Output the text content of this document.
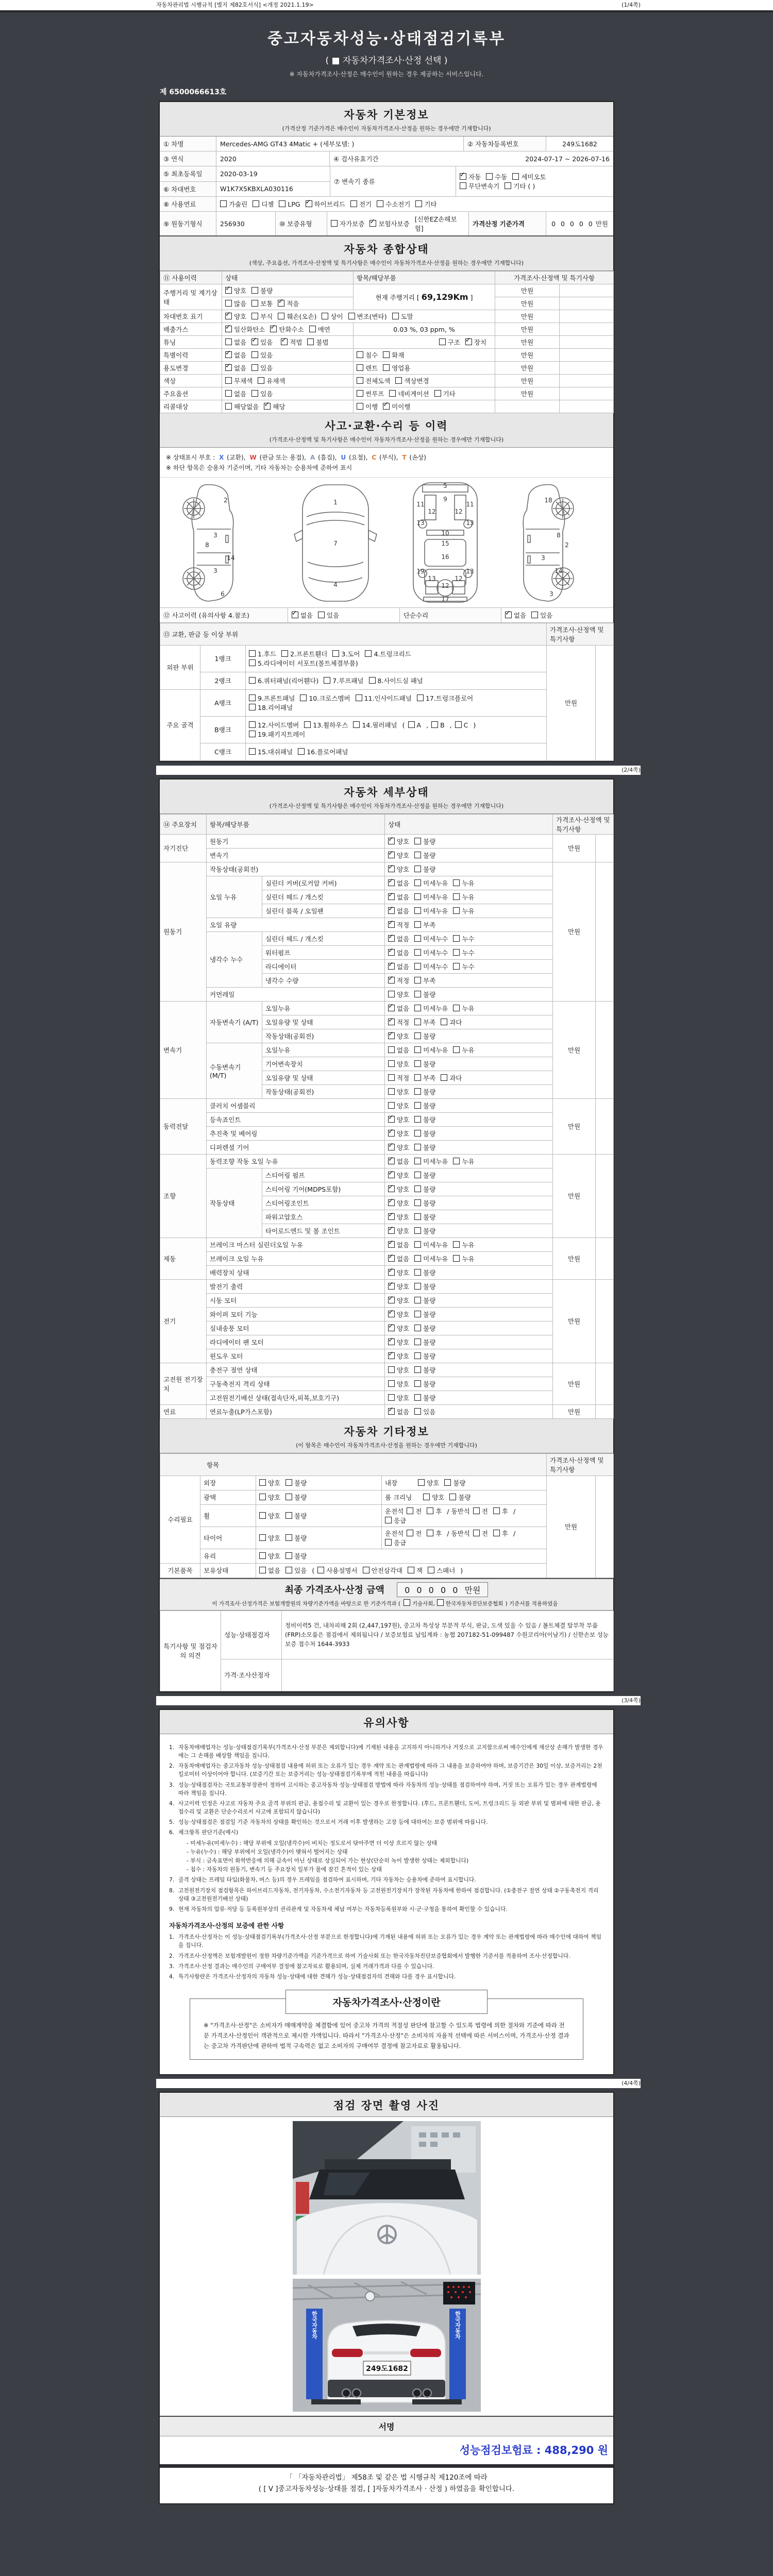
자동차관리법 시행규칙 [별지 제82호서식] <개정 2021.1.19>	(1/4쪽)
중고자동차성능·상태점검기록부
( ■ 자동차가격조사·산정 선택 )
※ 자동차가격조사·산정은 매수인이 원하는 경우 제공하는 서비스입니다.
제 6500066613호
자동차 기본정보
(가격산정 기준가격은 매수인이 자동차가격조사·산정을 원하는 경우에만 기재합니다)
① 차명	Mercedes-AMG GT43 4Matic + (세부모델: )	② 자동차등록번호	249도1682
③ 연식	2020	④ 검사유효기간	2024-07-17 ~ 2026-07-16
⑤ 최초등록일	2020-03-19
⑥ 차대번호	W1K7X5KBXLA030116
⑦ 변속기 종류
✓자동 수동 세미오토
무단변속기 기타 ( )
⑧ 사용연료	가솔린	디젤	LPG ✓	하이브리드	전기	수소전기	기타
⑨ 원동기형식	256930	⑩ 보증유형	자가보증 ✓	보험사보증
[신한EZ손해보험]
가격산정 기준가격	0 0 0 0 0 만원
자동차 종합상태
(색상, 주요옵션, 가격조사·산정액 및 특기사항은 매수인이 자동차가격조사·산정을 원하는 경우에만 기재합니다)
⑪ 사용이력	상태	항목/해당부품	가격조사·산정액 및 특기사항	
주행거리 및 계기상태	✓양호 불량	현재 주행거리 [ 69,129Km ]	만원	
	많음 보통 ✓ 적음		만원	
차대번호 표기	✓양호 부식 훼손(오손) 상이 변조(변타) 도말		만원	
배출가스	✓일산화탄소 ✓ 탄화수소 매연	0.03 %, 03 ppm, %	만원	
튜닝	없음 ✓ 있음 ✓ 적법 불법	구조 ✓ 장치	만원	
특별이력	✓없음 있음	침수 화재	만원	
용도변경	✓없음 있음	렌트 영업용	만원	
색상	무채색 유채색	전체도색 색상변경	만원	
주요옵션	없음 있음	썬루프 네비게이션 기타	만원	
리콜대상	해당없음 ✓ 해당	이행 ✓ 미이행		
사고·교환·수리 등 이력
(가격조사·산정액 및 특기사항은 매수인이 자동차가격조사·산정을 원하는 경우에만 기재합니다)
※ 상태표시 부호 : X (교환), W (판금 또는 용접), A (흠집), U (요철), C (부식), T (손상)
※ 하단 항목은 승용차 기준이며, 기타 자동차는 승용차에 준하여 표시
2
8
3
14
3
6
1
7
4
5
9
11	11
13	13
12	12
10
15
16
19	13
13	12
12
17
18
2
8
3
14
3
⑫ 사고이력 (유의사항 4.참조) ✓	없음	있음	단순수리 ✓	없음	있음
⑬ 교환, 판금 등 이상 부위			가격조사·산정액 및 특기사항	
외판 부위	1랭크	1.후드 2.프론트휀더 3.도어 4.트렁크리드
5.라디에이터 서포트(볼트체결부품)	만원	
	2랭크	6.쿼터패널(리어휀다) 7.루프패널 8.사이드실 패널		
주요 골격	A랭크	9.프론트패널 10.크로스멤버 11.인사이드패널 17.트렁크플로어
18.리어패널		
	B랭크	12.사이드멤버 13.휠하우스 14.필러패널 ( A , B , C )
19.패키지트레이		
	C랭크	15.대쉬패널 16.플로어패널		
(2/4쪽)
자동차 세부상태
(가격조사·산정액 및 특기사항은 매수인이 자동차가격조사·산정을 원하는 경우에만 기재합니다)
⑭ 주요장치	항목/해당부품		상태	가격조사·산정액 및 특기사항	
자기진단	원동기	✓양호 불량	만원	
	변속기	✓양호 불량
원동기	작동상태(공회전)	✓양호 불량	만원	
	오일 누유	실린더 커버(로커암 커버)	✓없음 미세누유 누유
		실린더 헤드 / 개스킷	✓없음 미세누유 누유
		실린더 블록 / 오일팬	✓없음 미세누유 누유
	오일 유량	✓적정 부족
	냉각수 누수	실린더 헤드 / 개스킷	✓없음 미세누수 누수
		워터펌프	✓없음 미세누수 누수
		라디에이터	✓없음 미세누수 누수
		냉각수 수량	✓적정 부족
	커먼레일		양호 불량		
변속기	자동변속기 (A/T)	오일누유	✓없음 미세누유 누유	만원	
		오일유량 및 상태	✓적정 부족 과다
		작동상태(공회전)	✓양호 불량
	수동변속기 (M/T)	오일누유	없음 미세누유 누유		
		기어변속장치	양호 불량		
		오일유량 및 상태	적정 부족 과다		
		작동상태(공회전)	양호 불량		
동력전달	클러치 어셈블리		양호 불량	만원	
	등속죠인트	✓양호 불량
	추진축 및 베어링	✓양호 불량
	디퍼렌셜 기어	✓양호 불량
조향	동력조향 작동 오일 누유	✓없음 미세누유 누유	만원	
	작동상태	스티어링 펌프	✓양호 불량
		스티어링 기어(MDPS포함)	✓양호 불량
		스티어링조인트	✓양호 불량
		파워고압호스	✓양호 불량
		타이로드엔드 및 볼 조인트	✓양호 불량
제동	브레이크 마스터 실린더오일 누유	✓없음 미세누유 누유	만원	
	브레이크 오일 누유	✓없음 미세누유 누유
	배력장치 상태	✓양호 불량
전기	발전기 출력	✓양호 불량	만원	
	시동 모터	✓양호 불량
	와이퍼 모터 기능	✓양호 불량
	실내송풍 모터	✓양호 불량
	라디에이터 팬 모터	✓양호 불량
	윈도우 모터	✓양호 불량
고전원 전기장치	충전구 절연 상태		양호 불량	만원	
	구동축전지 격리 상태		양호 불량		
	고전원전기배선 상태(접속단자,피복,보호기구)		양호 불량		
연료	연료누출(LP가스포함)	✓없음 있음	만원	
자동차 기타정보
(이 항목은 매수인이 자동차가격조사·산정을 원하는 경우에만 기재합니다)
항목				가격조사·산정액 및 특기사항	
수리필요	외장	양호 불량	내장 양호 불량	만원	
	광택	양호 불량	룸 크리닝 양호 불량		
	휠	양호 불량	운전석 전 후 / 동반석 전 후 /응급		
	타이어	양호 불량	운전석 전 후 / 동반석 전 후 /응급		
	유리	양호 불량			
기본품목	보유상태	없음 있음 ( 사용설명서 안전삼각대 잭 스패너 )			
최종 가격조사·산정 금액 0 0 0 0 0 만원
이 가격조사·산정가격은 보험개발원의 차량기준가액을 바탕으로 한 기준가격과 ( 기술사회, 한국자동차진단보증협회 ) 기준서를 적용하였음
특기사항 및 점검자의 의견	성능·상태점검자	정비이력5 건, 내차피해 2회 (2,447,197원), 중고차 특성상 부분적 부식, 판금, 도색 있을 수 있음 / 볼트체결 탈부착 부품(FRP)소모품은 점검에서 제외됩니다 / 보증보험료 납입계좌 : 농협 207182-51-099487 수원코리아(이남기) / 신한손보 성능보증 접수처 1644-3933
	가격·조사산정자	
(3/4쪽)
유의사항
1. 자동차매매업자는 성능·상태점검기록부(가격조사·산정 부분은 제외합니다)에 기재된 내용을 고지하지 아니하거나 거짓으로 고지함으로써 매수인에게 재산상 손해가 발생한 경우에는 그 손해를 배상할 책임을 집니다.
2. 자동차매매업자는 중고자동차 성능·상태점검 내용에 허위 또는 오류가 있는 경우 계약 또는 관계법령에 따라 그 내용을 보증하여야 하며, 보증기간은 30일 이상, 보증거리는 2천킬로미터 이상이어야 합니다. (보증기간 또는 보증거리는 성능·상태점검기록부에 적힌 내용을 따릅니다)
3. 성능·상태점검자는 국토교통부장관이 정하여 고시하는 중고자동차 성능·상태점검 방법에 따라 자동차의 성능·상태를 점검하여야 하며, 거짓 또는 오류가 있는 경우 관계법령에 따라 책임을 집니다.
4. 사고이력 인정은 사고로 자동차 주요 골격 부위의 판금, 용접수리 및 교환이 있는 경우로 한정합니다. (후드, 프론트휀더, 도어, 트렁크리드 등 외판 부위 및 범퍼에 대한 판금, 용접수리 및 교환은 단순수리로서 사고에 포함되지 않습니다)
5. 성능·상태점검은 점검일 기준 자동차의 상태를 확인하는 것으로서 거래 이후 발생하는 고장 등에 대하여는 보증 범위에 따릅니다.
6. 체크항목 판단기준(예시)
- 미세누유(미세누수) : 해당 부위에 오일(냉각수)이 비치는 정도로서 닦아주면 더 이상 흐르지 않는 상태
- 누유(누수) : 해당 부위에서 오일(냉각수)이 맺혀서 떨어지는 상태
- 부식 : 금속표면이 화학반응에 의해 금속이 아닌 상태로 상실되어 가는 현상(단순히 녹이 발생한 상태는 제외합니다)
- 침수 : 자동차의 원동기, 변속기 등 주요장치 일부가 물에 잠긴 흔적이 있는 상태
7. 골격 상태는 프레임 타입(화물차, 버스 등)의 경우 프레임을 점검하여 표시하며, 기타 자동차는 승용차에 준하여 표시합니다.
8. 고전원전기장치 점검항목은 하이브리드자동차, 전기자동차, 수소전기자동차 등 고전원전기장치가 장착된 자동차에 한하여 점검합니다. (①충전구 절연 상태 ②구동축전지 격리 상태 ③고전원전기배선 상태)
9. 현재 자동차의 압류·저당 등 등록원부상의 권리관계 및 자동차세 체납 여부는 자동차등록원부와 시·군·구청을 통하여 확인할 수 있습니다.
자동차가격조사·산정의 보증에 관한 사항
1. 가격조사·산정자는 이 성능·상태점검기록부(가격조사·산정 부분으로 한정합니다)에 기재된 내용에 허위 또는 오류가 있는 경우 계약 또는 관계법령에 따라 매수인에 대하여 책임을 집니다.
2. 가격조사·산정액은 보험개발원이 정한 차량기준가액을 기준가격으로 하여 기술사회 또는 한국자동차진단보증협회에서 발행한 기준서를 적용하여 조사·산정합니다.
3. 가격조사·산정 결과는 매수인의 구매여부 결정에 참고자료로 활용되며, 실제 거래가격과 다를 수 있습니다.
4. 특기사항란은 가격조사·산정자의 자동차 성능·상태에 대한 견해가 성능·상태점검자의 견해와 다를 경우 표시합니다.
자동차가격조사·산정이란
※ "가격조사·산정"은 소비자가 매매계약을 체결함에 있어 중고차 가격의 적절성 판단에 참고할 수 있도록 법령에 의한 절차와 기준에 따라 전문 가격조사·산정인이 객관적으로 제시한 가액입니다. 따라서 "가격조사·산정"은 소비자의 자율적 선택에 따른 서비스이며, 가격조사·산정 결과는 중고차 가격판단에 관하여 법적 구속력은 없고 소비자의 구매여부 결정에 참고자료로 활용됩니다.
(4/4쪽)
점검 장면 촬영 사진
한국자동차	한국자동차
249도1682
서명
성능점검보험료 : 488,290 원
「 「자동차관리법」 제58조 및 같은 법 시행규칙 제120조에 따라
( [ V ]중고자동차성능·상태를 점검, [ ]자동차가격조사 · 산정 ) 하였음을 확인합니다.
